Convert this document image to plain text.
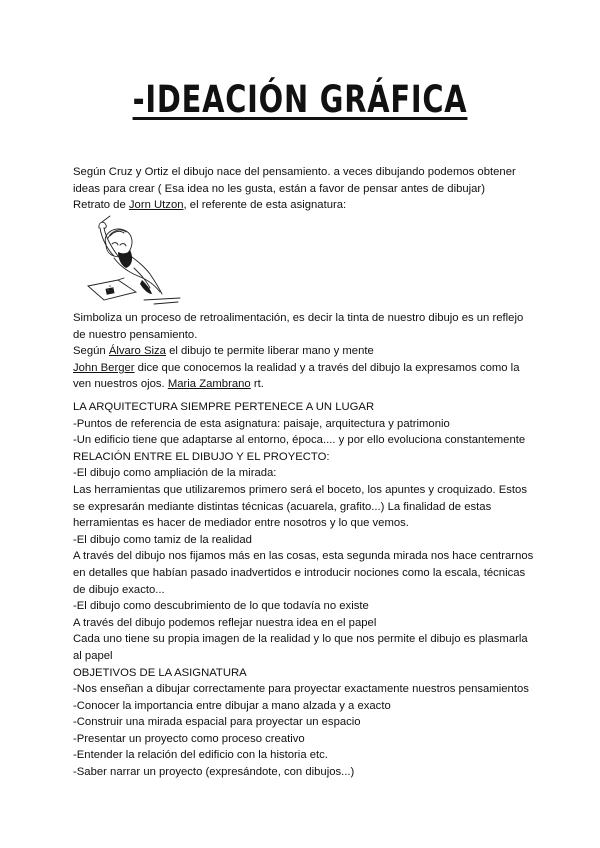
-IDEACIÓN GRÁFICA

Según Cruz y Ortiz el dibujo nace del pensamiento. a veces dibujando podemos obtener

ideas para crear ( Esa idea no les gusta, están a favor de pensar antes de dibujar)

Retrato de Jorn Utzon, el referente de esta asignatura:

Simboliza un proceso de retroalimentación, es decir la tinta de nuestro dibujo es un reflejo

de nuestro pensamiento.

Según Álvaro Siza el dibujo te permite liberar mano y mente

John Berger dice que conocemos la realidad y a través del dibujo la expresamos como la

ven nuestros ojos. Maria Zambrano rt.

LA ARQUITECTURA SIEMPRE PERTENECE A UN LUGAR

-Puntos de referencia de esta asignatura: paisaje, arquitectura y patrimonio

-Un edificio tiene que adaptarse al entorno, época.... y por ello evoluciona constantemente

RELACIÓN ENTRE EL DIBUJO Y EL PROYECTO:

-El dibujo como ampliación de la mirada:

Las herramientas que utilizaremos primero será el boceto, los apuntes y croquizado. Estos

se expresarán mediante distintas técnicas (acuarela, grafito...) La finalidad de estas

herramientas es hacer de mediador entre nosotros y lo que vemos.

-El dibujo como tamiz de la realidad

A través del dibujo nos fijamos más en las cosas, esta segunda mirada nos hace centrarnos

en detalles que habían pasado inadvertidos e introducir nociones como la escala, técnicas

de dibujo exacto...

-El dibujo como descubrimiento de lo que todavía no existe

A través del dibujo podemos reflejar nuestra idea en el papel

Cada uno tiene su propia imagen de la realidad y lo que nos permite el dibujo es plasmarla

al papel

OBJETIVOS DE LA ASIGNATURA

-Nos enseñan a dibujar correctamente para proyectar exactamente nuestros pensamientos

-Conocer la importancia entre dibujar a mano alzada y a exacto

-Construir una mirada espacial para proyectar un espacio

-Presentar un proyecto como proceso creativo

-Entender la relación del edificio con la historia etc.

-Saber narrar un proyecto (expresándote, con dibujos...)
